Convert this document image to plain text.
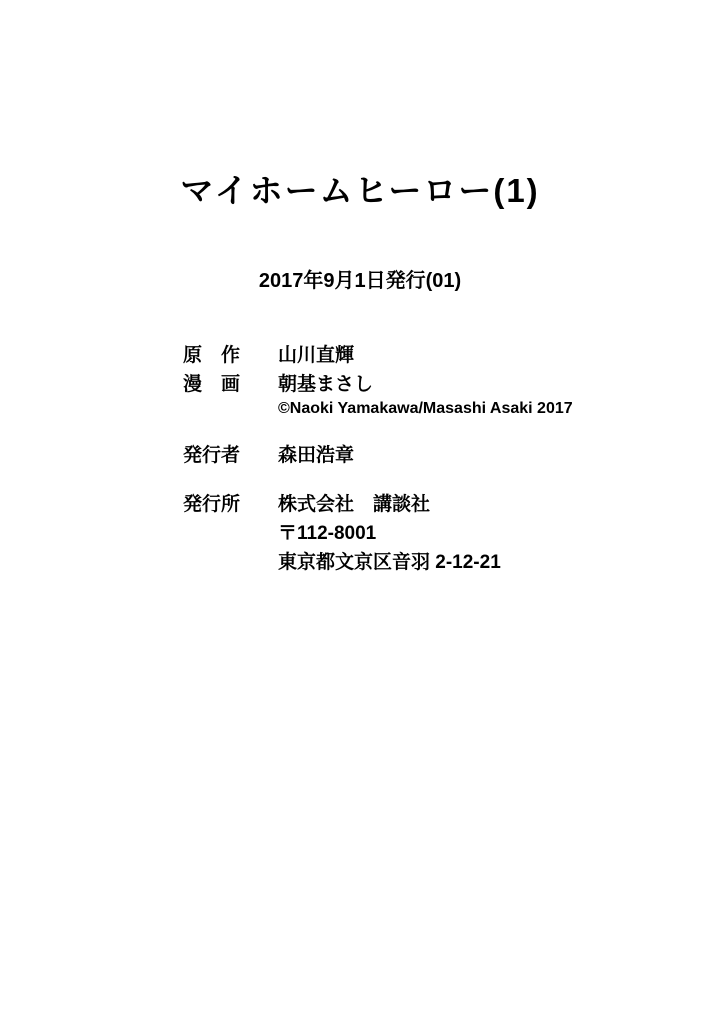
マイホームヒーロー(1)
2017年9月1日発行(01)
原　作	山川直輝
漫　画	朝基まさし
©Naoki Yamakawa/Masashi Asaki 2017
発行者	森田浩章
発行所	株式会社　講談社
〒112-8001
東京都文京区音羽 2-12-21
